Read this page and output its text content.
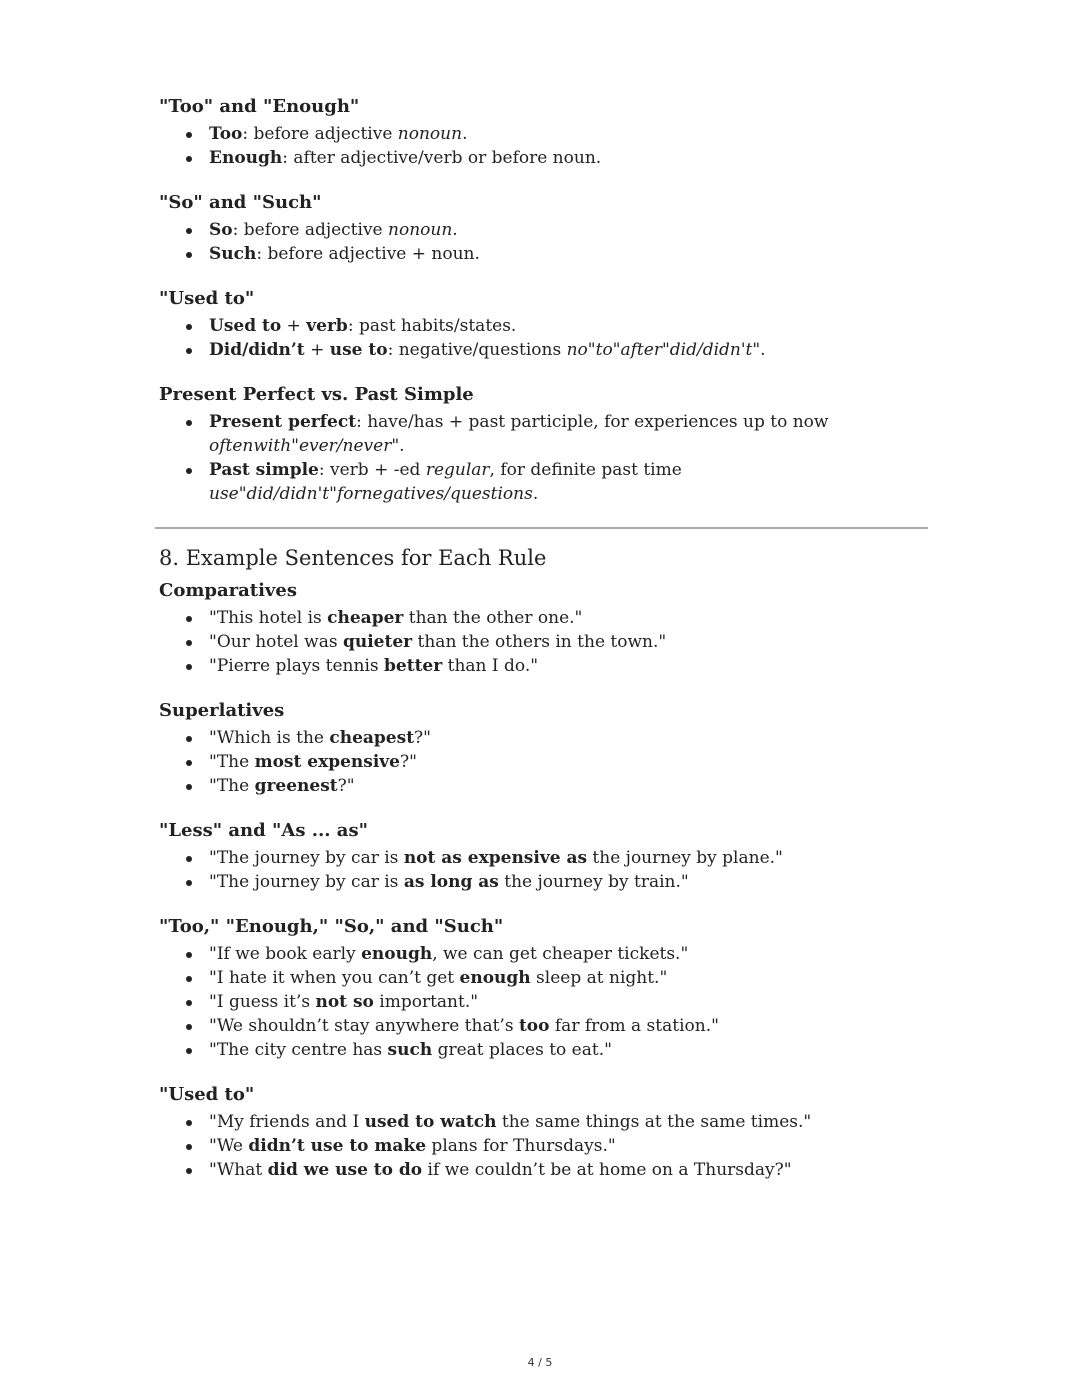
"Too" and "Enough"
Too: before adjective nonoun.
Enough: after adjective/verb or before noun.
"So" and "Such"
So: before adjective nonoun.
Such: before adjective + noun.
"Used to"
Used to + verb: past habits/states.
Did/didn’t + use to: negative/questions no"to"after"did/didn't".
Present Perfect vs. Past Simple
Present perfect: have/has + past participle, for experiences up to now oftenwith"ever/never".
Past simple: verb + -ed regular, for definite past time use"did/didn't"fornegatives/questions.
8. Example Sentences for Each Rule
Comparatives
"This hotel is cheaper than the other one."
"Our hotel was quieter than the others in the town."
"Pierre plays tennis better than I do."
Superlatives
"Which is the cheapest?"
"The most expensive?"
"The greenest?"
"Less" and "As ... as"
"The journey by car is not as expensive as the journey by plane."
"The journey by car is as long as the journey by train."
"Too," "Enough," "So," and "Such"
"If we book early enough, we can get cheaper tickets."
"I hate it when you can’t get enough sleep at night."
"I guess it’s not so important."
"We shouldn’t stay anywhere that’s too far from a station."
"The city centre has such great places to eat."
"Used to"
"My friends and I used to watch the same things at the same times."
"We didn’t use to make plans for Thursdays."
"What did we use to do if we couldn’t be at home on a Thursday?"
4 / 5
